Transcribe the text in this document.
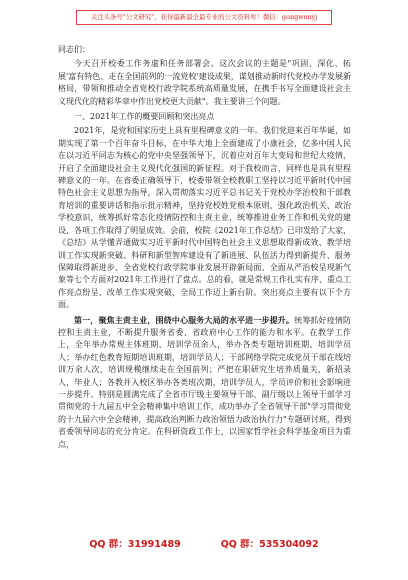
关注头条号"公文研究"，获得最新最全最专业的公文资料库！微信：gongwenyj

同志们：

今天召开校委工作务虚和任务部署会。这次会议的主题是"巩固、深化、拓展'富有特色、走在全国前列的一流党校'建设成果，谋划推动新时代党校办学发展新格局，带领和推动全省党校行政学院系统高质量发展，在携手书写全面建设社会主义现代化的精彩华章中作出党校更大贡献"。我主要讲三个问题。

一、2021年工作的概要回顾和突出亮点

2021年，是党和国家历史上具有里程碑意义的一年。我们党迎来百年华诞，如期实现了第一个百年奋斗目标，在中华大地上全面建成了小康社会，亿多中国人民在以习近平同志为核心的党中央坚强领导下，沉着应对百年大变局和世纪大疫情，开启了全面建设社会主义现代化强国的新征程。对于我校而言，同样也是具有里程碑意义的一年。在省委正确领导下，校委带领全校教职工坚持以习近平新时代中国特色社会主义思想为指导，深入贯彻落实习近平总书记关于党校办学治校和干部教育培训的重要讲话和指示批示精神，坚持党校姓党根本原则，强化政治机关、政治学校意识，统筹抓好常态化疫情防控和主责主业，统筹推进业务工作和机关党的建设，各项工作取得了明显成效。会前，校院《2021年工作总结》已印发给了大家，《总结》从学懂弄通做实习近平新时代中国特色社会主义思想取得新成效、教学培训工作实现新突破、科研和新型智库建设有了新进展、队伍活力得到新提升、服务保障取得新进步、全省党校行政学院事业发展开辟新局面、全面从严治校呈现新气象等七个方面对2021年工作进行了盘点。总的看，就是常规工作扎实有序、重点工作亮点纷呈、改革工作实现突破，全局工作迈上新台阶。突出亮点主要有以下个方面。

第一，聚焦主责主业，围绕中心服务大局的水平进一步提升。统筹抓好疫情防控和主责主业，不断提升服务省委、省政府中心工作的能力和水平。在教学工作上，全年举办常规主体班期、培训学员余人，举办各类专题培训班期、培训学员人；举办红色教育短期培训班期，培训学员人；干部网络学院完成党员干部在线培训万余人次，培训规模继续走在全国前列；严把在职研究生培养质量关，新招录人，毕业人；各教并入校区举办各类班次期，培训学员人，学员评价和社会影响进一步提升。特别是圆满完成了全省市厅级主要领导干部、副厅级以上领导干部学习贯彻党的十九届五中全会精神集中培训工作，成功举办了全省领导干部"学习贯彻党的十九届六中全会精神，提高政治判断力政治领悟力政治执行力"专题研讨班，得到省委领导同志的充分肯定。在科研资政工作上，以国家哲学社会科学基金项目为重点，

QQ 群：31991489	QQ 群：535304092
